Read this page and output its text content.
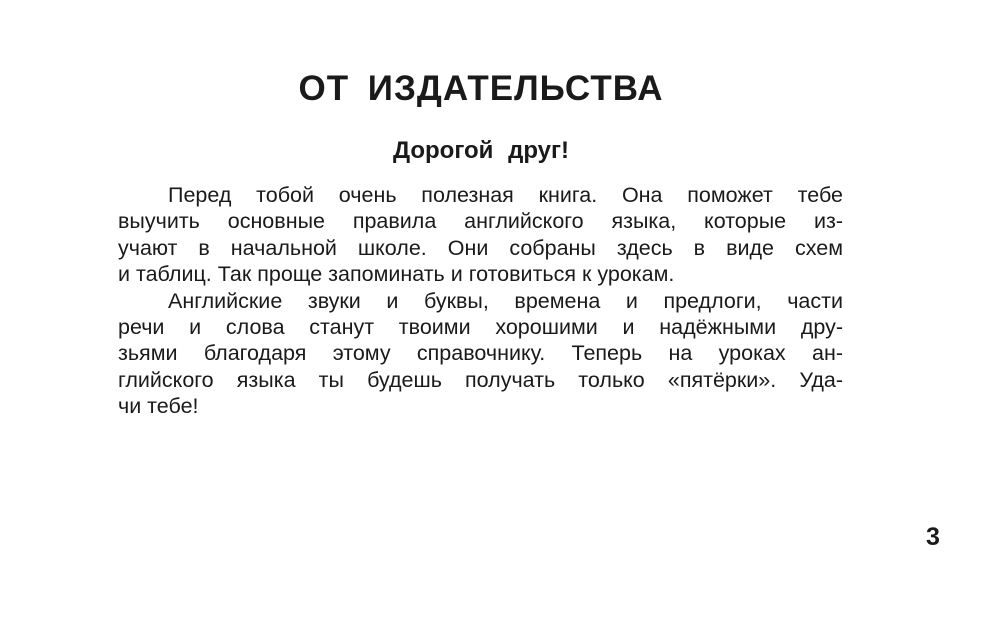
ОТ ИЗДАТЕЛЬСТВА
Дорогой друг!
Перед тобой очень полезная книга. Она поможет тебе
выучить основные правила английского языка, которые из-
учают в начальной школе. Они собраны здесь в виде схем
и таблиц. Так проще запоминать и готовиться к урокам.
Английские звуки и буквы, времена и предлоги, части
речи и слова станут твоими хорошими и надёжными дру-
зьями благодаря этому справочнику. Теперь на уроках ан-
глийского языка ты будешь получать только «пятёрки». Уда-
чи тебе!
3
